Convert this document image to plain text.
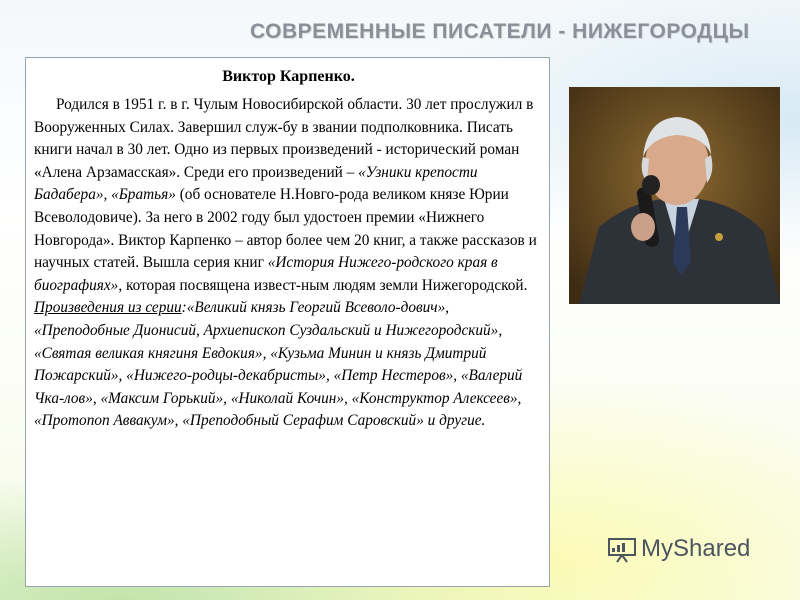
СОВРЕМЕННЫЕ ПИСАТЕЛИ - НИЖЕГОРОДЦЫ
Виктор Карпенко.

Родился в 1951 г. в г. Чулым Новосибирской области. 30 лет прослужил в Вооруженных Силах. Завершил служ-бу в звании подполковника. Писать книги начал в 30 лет. Одно из первых произведений - исторический роман «Алена Арзамасская». Среди его произведений – «Узники крепости Бадабера», «Братья» (об основателе Н.Новго-рода великом князе Юрии Всеволодовиче). За него в 2002 году был удостоен премии «Нижнего Новгорода». Виктор Карпенко – автор более чем 20 книг, а также рассказов и научных статей. Вышла серия книг «История Нижего-родского края в биографиях», которая посвящена извест-ным людям земли Нижегородской.

Произведения из серии:«Великий князь Георгий Всеволо-дович», «Преподобные Дионисий, Архиепископ Суздальский и Нижегородский», «Святая великая княгиня Евдокия», «Кузьма Минин и князь Дмитрий Пожарский», «Нижего-родцы-декабристы», «Петр Нестеров», «Валерий Чка-лов», «Максим Горький», «Николай Кочин», «Конструктор Алексеев», «Протопоп Аввакум», «Преподобный Серафим Саровский» и другие.

MyShared
